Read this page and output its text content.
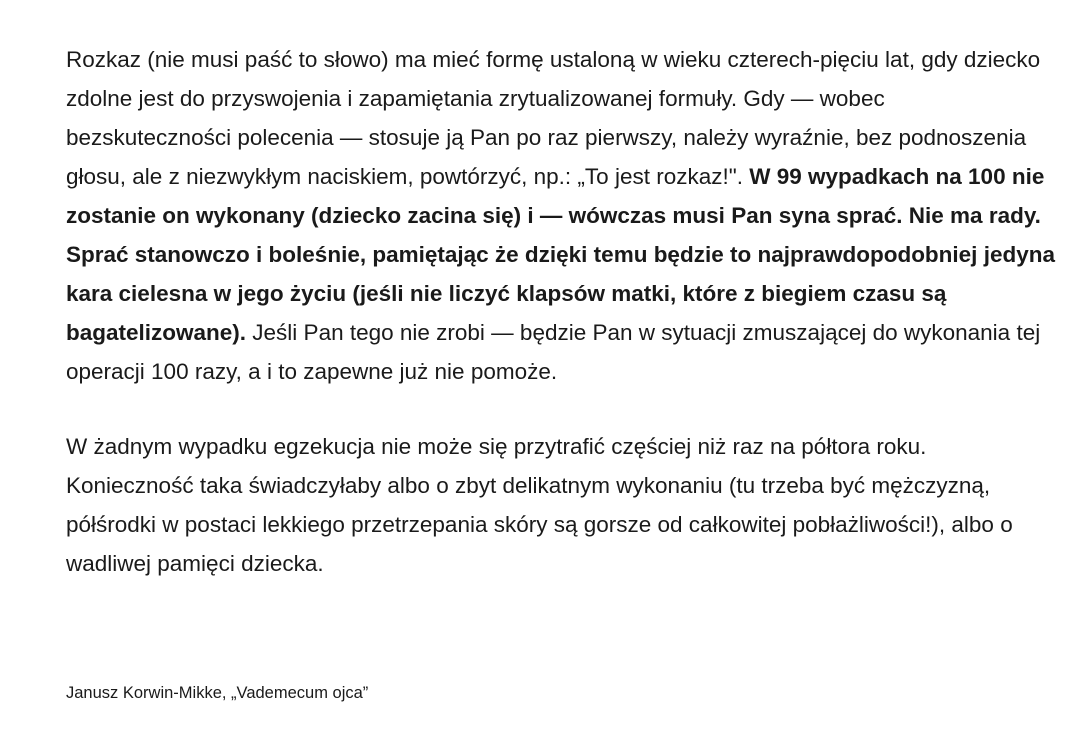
Rozkaz (nie musi paść to słowo) ma mieć formę ustaloną w wieku czterech-pięciu lat, gdy dziecko zdolne jest do przyswojenia i zapamiętania zrytualizowanej formuły. Gdy — wobec bezskuteczności polecenia — stosuje ją Pan po raz pierwszy, należy wyraźnie, bez podnoszenia głosu, ale z niezwykłym naciskiem, powtórzyć, np.: „To jest rozkaz!". W 99 wypadkach na 100 nie zostanie on wykonany (dziecko zacina się) i — wówczas musi Pan syna sprać. Nie ma rady. Sprać stanowczo i boleśnie, pamiętając że dzięki temu będzie to najprawdopodobniej jedyna kara cielesna w jego życiu (jeśli nie liczyć klapsów matki, które z biegiem czasu są bagatelizowane). Jeśli Pan tego nie zrobi — będzie Pan w sytuacji zmuszającej do wykonania tej operacji 100 razy, a i to zapewne już nie pomoże.

W żadnym wypadku egzekucja nie może się przytrafić częściej niż raz na półtora roku. Konieczność taka świadczyłaby albo o zbyt delikatnym wykonaniu (tu trzeba być mężczyzną, półśrodki w postaci lekkiego przetrzepania skóry są gorsze od całkowitej pobłażliwości!), albo o wadliwej pamięci dziecka.

Janusz Korwin-Mikke, „Vademecum ojca”
